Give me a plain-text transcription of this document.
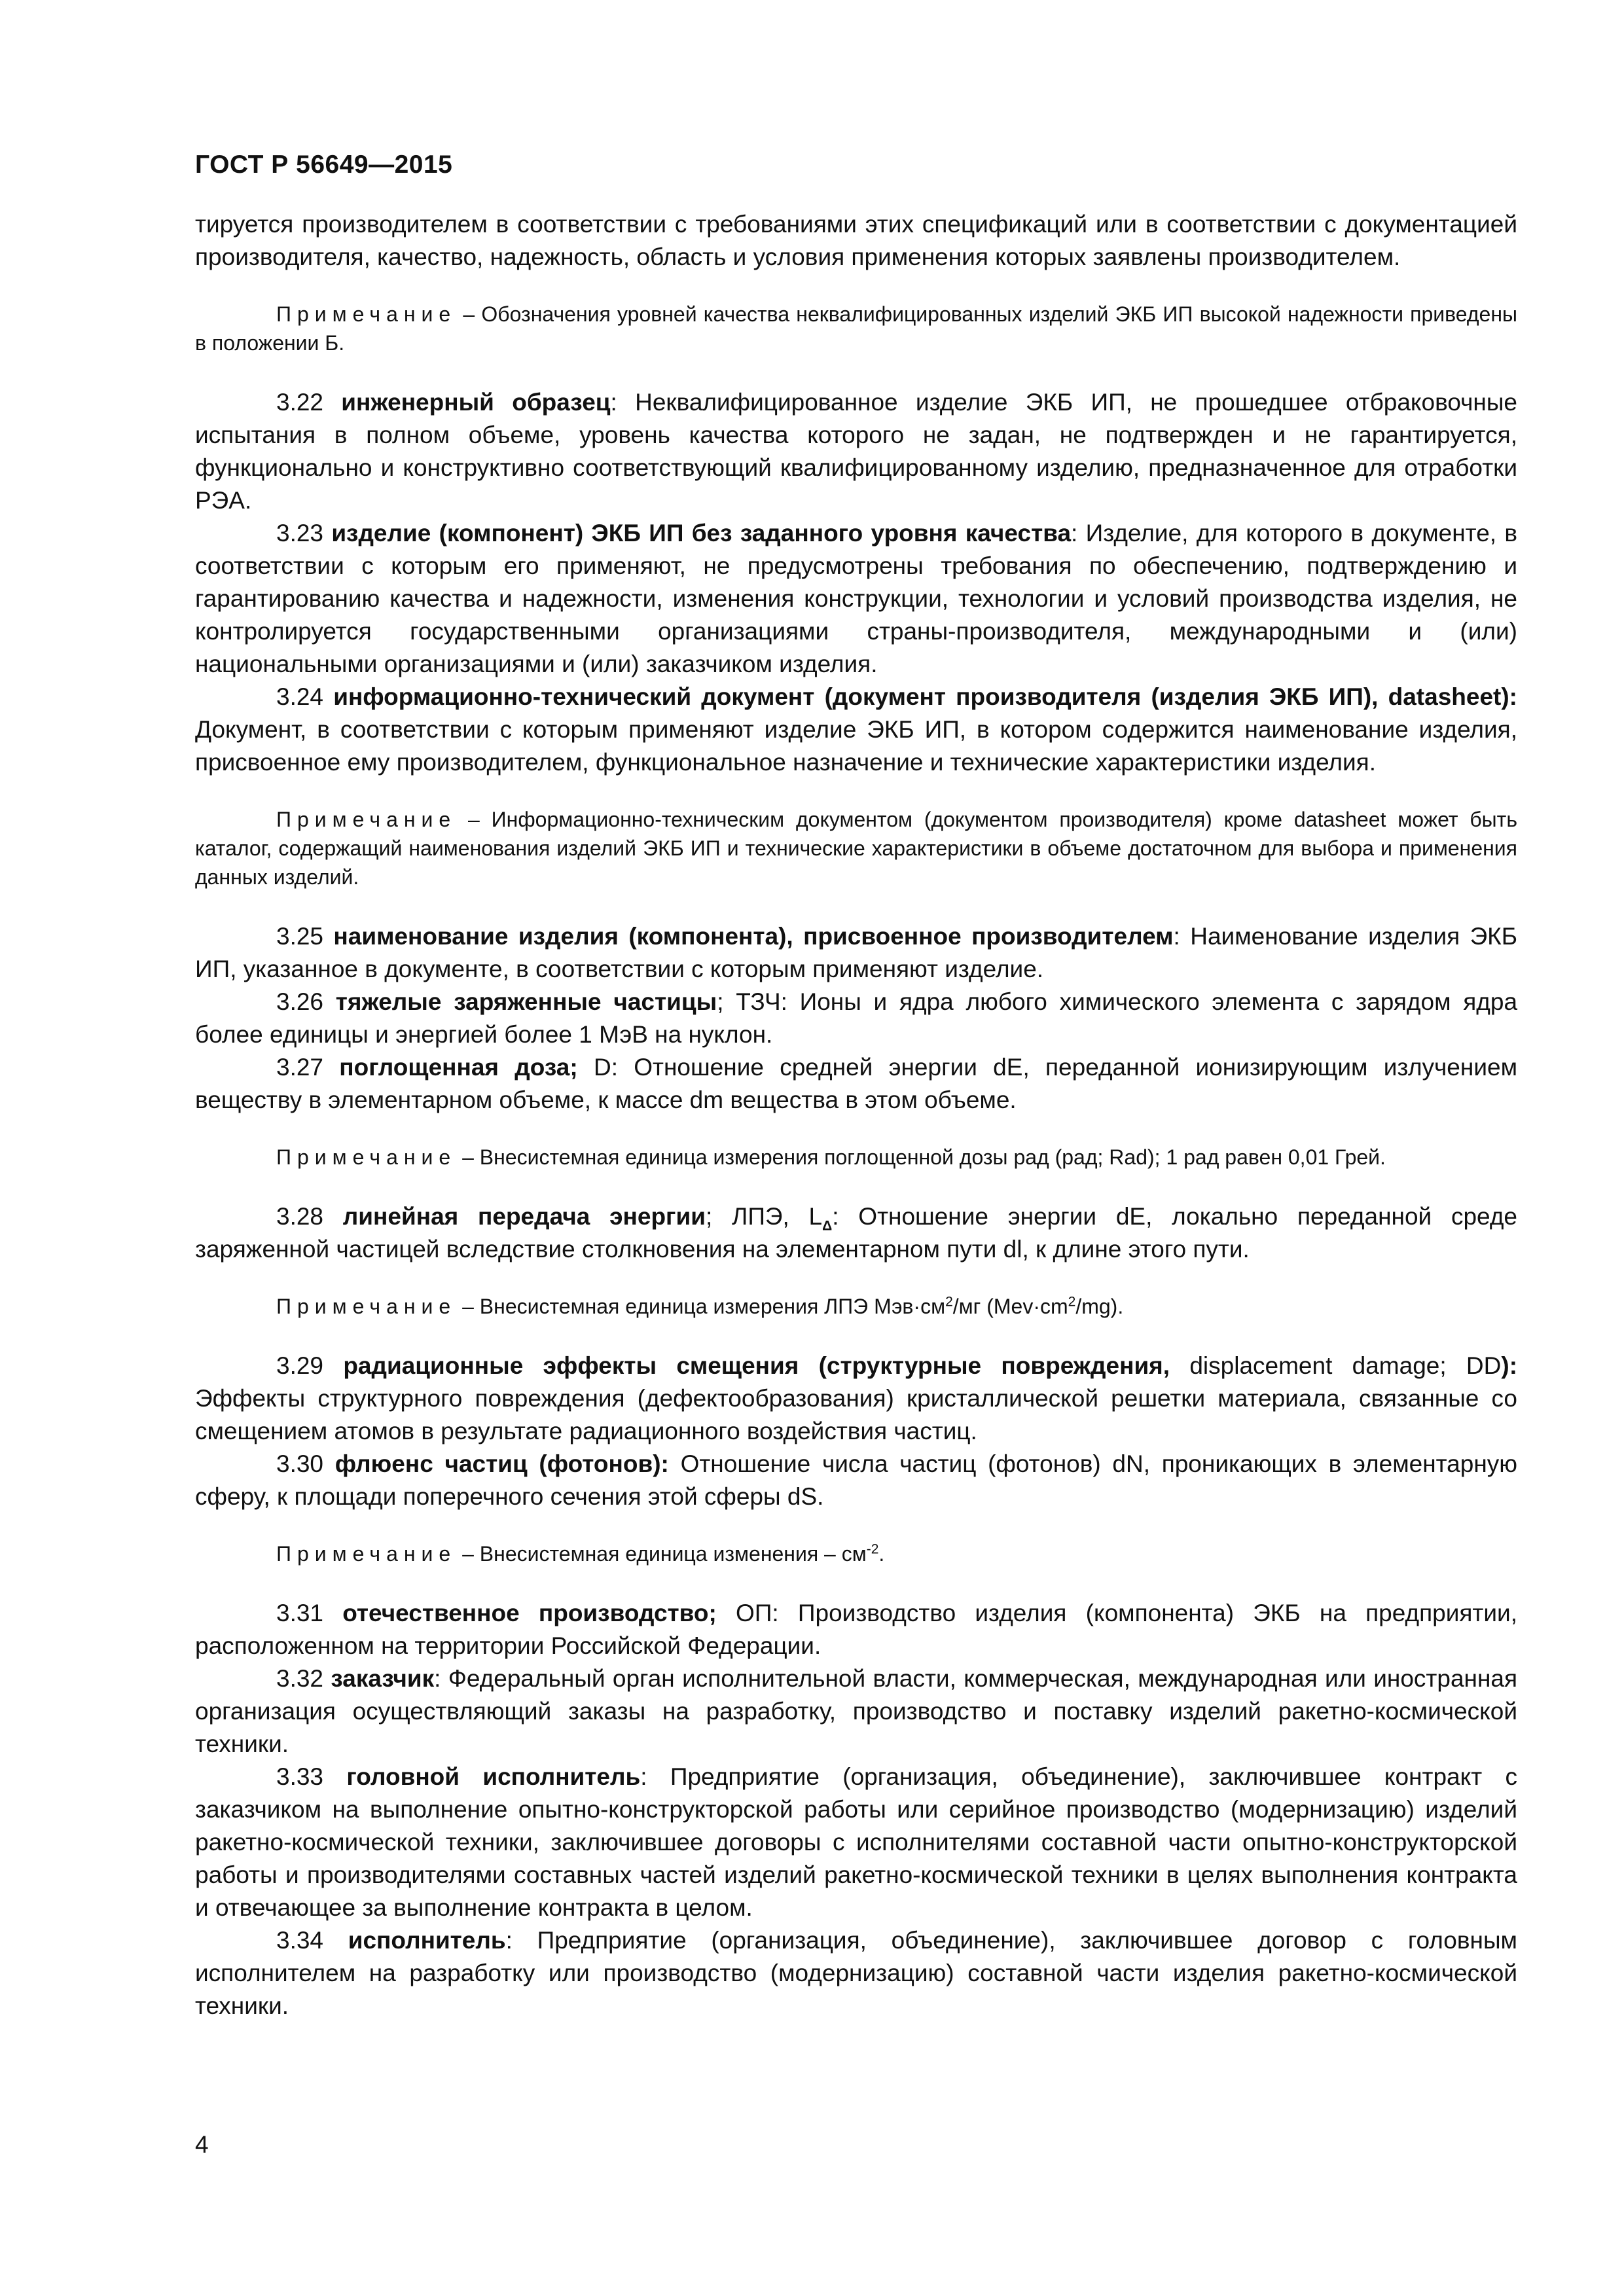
ГОСТ Р 56649—2015

тируется производителем в соответствии с требованиями этих спецификаций или в соответствии с документацией производителя, качество, надежность, область и условия применения которых заявлены производителем.

Примечание – Обозначения уровней качества неквалифицированных изделий ЭКБ ИП высокой надежности приведены в положении Б.

3.22 инженерный образец: Неквалифицированное изделие ЭКБ ИП, не прошедшее отбраковочные испытания в полном объеме, уровень качества которого не задан, не подтвержден и не гарантируется, функционально и конструктивно соответствующий квалифицированному изделию, предназначенное для отработки РЭА.

3.23 изделие (компонент) ЭКБ ИП без заданного уровня качества: Изделие, для которого в документе, в соответствии с которым его применяют, не предусмотрены требования по обеспечению, подтверждению и гарантированию качества и надежности, изменения конструкции, технологии и условий производства изделия, не контролируется государственными организациями страны-производителя, международными и (или) национальными организациями и (или) заказчиком изделия.

3.24 информационно-технический документ (документ производителя (изделия ЭКБ ИП), datasheet): Документ, в соответствии с которым применяют изделие ЭКБ ИП, в котором содержится наименование изделия, присвоенное ему производителем, функциональное назначение и технические характеристики изделия.

Примечание – Информационно-техническим документом (документом производителя) кроме datasheet может быть каталог, содержащий наименования изделий ЭКБ ИП и технические характеристики в объеме достаточном для выбора и применения данных изделий.

3.25 наименование изделия (компонента), присвоенное производителем: Наименование изделия ЭКБ ИП, указанное в документе, в соответствии с которым применяют изделие.

3.26 тяжелые заряженные частицы; ТЗЧ: Ионы и ядра любого химического элемента с зарядом ядра более единицы и энергией более 1 МэВ на нуклон.

3.27 поглощенная доза; D: Отношение средней энергии dE, переданной ионизирующим излучением веществу в элементарном объеме, к массе dm вещества в этом объеме.

Примечание – Внесистемная единица измерения поглощенной дозы рад (рад; Rad); 1 рад равен 0,01 Грей.

3.28 линейная передача энергии; ЛПЭ, $L_\Delta$: Отношение энергии dE, локально переданной среде заряженной частицей вследствие столкновения на элементарном пути dl, к длине этого пути.

Примечание – Внесистемная единица измерения ЛПЭ $Мэв\cdot см^2/мг$ $(Mev\cdot cm^2/mg)$.

3.29 радиационные эффекты смещения (структурные повреждения, displacement damage; DD): Эффекты структурного повреждения (дефектообразования) кристаллической решетки материала, связанные со смещением атомов в результате радиационного воздействия частиц.

3.30 флюенс частиц (фотонов): Отношение числа частиц (фотонов) dN, проникающих в элементарную сферу, к площади поперечного сечения этой сферы dS.

Примечание – Внесистемная единица изменения – $см^{-2}$.

3.31 отечественное производство; ОП: Производство изделия (компонента) ЭКБ на предприятии, расположенном на территории Российской Федерации.

3.32 заказчик: Федеральный орган исполнительной власти, коммерческая, международная или иностранная организация осуществляющий заказы на разработку, производство и поставку изделий ракетно-космической техники.

3.33 головной исполнитель: Предприятие (организация, объединение), заключившее контракт с заказчиком на выполнение опытно-конструкторской работы или серийное производство (модернизацию) изделий ракетно-космической техники, заключившее договоры с исполнителями составной части опытно-конструкторской работы и производителями составных частей изделий ракетно-космической техники в целях выполнения контракта и отвечающее за выполнение контракта в целом.

3.34 исполнитель: Предприятие (организация, объединение), заключившее договор с головным исполнителем на разработку или производство (модернизацию) составной части изделия ракетно-космической техники.

4
